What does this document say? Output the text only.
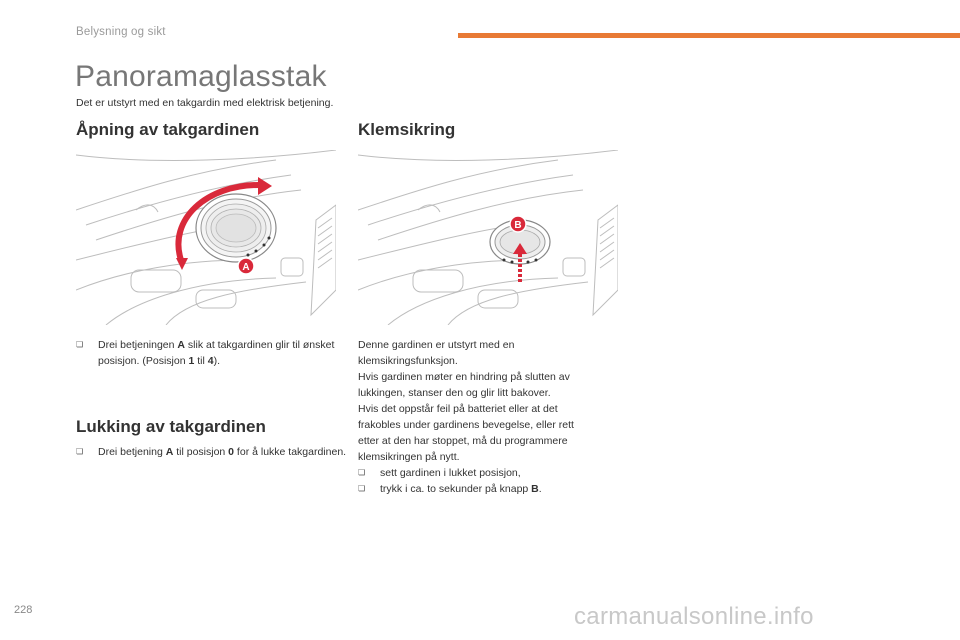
Belysning og sikt
Panoramaglasstak
Det er utstyrt med en takgardin med elektrisk betjening.
Åpning av takgardinen	Klemsikring
A
B
❏ Drei betjeningen A slik at takgardinen glir til ønsket posisjon. (Posisjon 1 til 4).
Lukking av takgardinen
❏ Drei betjening A til posisjon 0 for å lukke takgardinen.
Denne gardinen er utstyrt med en
klemsikringsfunksjon.
Hvis gardinen møter en hindring på slutten av
lukkingen, stanser den og glir litt bakover.
Hvis det oppstår feil på batteriet eller at det
frakobles under gardinens bevegelse, eller rett
etter at den har stoppet, må du programmere
klemsikringen på nytt.
❏ sett gardinen i lukket posisjon,
❏ trykk i ca. to sekunder på knapp B.
228	carmanualsonline.info
